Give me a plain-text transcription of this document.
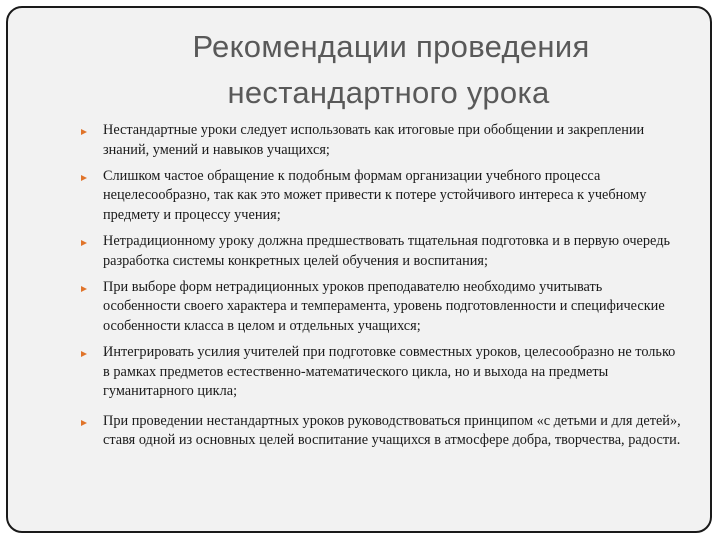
Рекомендации проведения
нестандартного урока
Нестандартные уроки следует использовать как итоговые при обобщении и закреплении знаний, умений и навыков учащихся;
Слишком частое обращение к подобным формам организации учебного процесса нецелесообразно, так как это может привести к потере устойчивого интереса к учебному предмету и процессу учения;
Нетрадиционному уроку должна предшествовать тщательная подготовка и в первую очередь разработка системы конкретных целей обучения и воспитания;
При выборе форм нетрадиционных уроков преподавателю необходимо учитывать особенности своего характера и темперамента, уровень подготовленности и специфические особенности класса в целом и отдельных учащихся;
Интегрировать усилия учителей при подготовке совместных уроков, целесообразно не только в рамках предметов естественно-математического цикла, но и выхода на предметы гуманитарного цикла;
При проведении нестандартных уроков руководствоваться принципом «с детьми и для детей», ставя одной из основных целей воспитание учащихся в атмосфере добра, творчества, радости.
